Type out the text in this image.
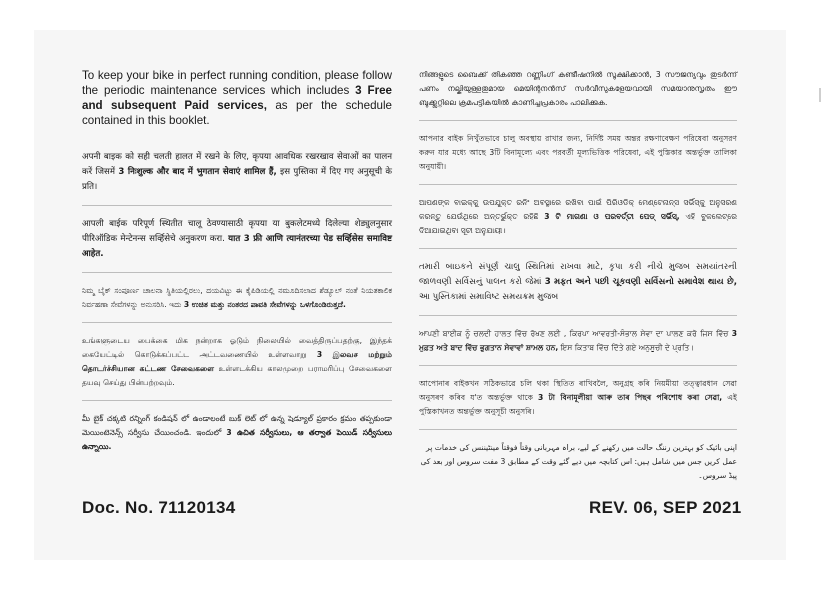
To keep your bike in perfect running condition, please follow the periodic maintenance services which includes 3 Free and subsequent Paid services, as per the schedule contained in this booklet.

अपनी बाइक को सही चलती हालत में रखने के लिए, कृपया आवधिक रखरखाव सेवाओं का पालन करें जिसमें 3 निःशुल्क और बाद में भुगतान सेवाएं शामिल हैं, इस पुस्तिका में दिए गए अनुसूची के प्रति।

आपली बाईक परिपूर्ण स्थितीत चालू ठेवण्यासाठी कृपया या बुकलेटमध्ये दिलेल्या शेड्युलनुसार पीरिऑडिक मेन्टेनन्स सर्व्हिसेचे अनुकरण करा. यात 3 फ्री आणि त्यानंतरच्या पेड सर्व्हिसेस समाविष्ट आहेत.

ನಿಮ್ಮ ಬೈಕ್ ಸಂಪೂರ್ಣ ಚಾಲನಾ ಸ್ಥಿತಿಯಲ್ಲಿರಲು, ದಯವಿಟ್ಟು ಈ ಕೈಪಿಡಿಯಲ್ಲಿ ನಮೂದಿಸಲಾದ ಶೆಡ್ಯೂಲ್ ನಂತೆ ನಿಯತಕಾಲಿಕ ನಿರ್ವಹಣಾ ಸೇವೆಗಳನ್ನು ಅನುಸರಿಸಿ. ಇದು 3 ಉಚಿತ ಮತ್ತು ನಂತರದ ಪಾವತಿ ಸೇವೆಗಳನ್ನು ಒಳಗೊಂಡಿರುತ್ತದೆ.

உங்களுடைய பைக்கை மிக நன்றாக ஓடும் நிலையில் வைத்திருப்பதற்கு, இந்தக் கையேட்டில் கொடுக்கப்பட்ட அட்டவணையில் உள்ளவாறு 3 இலவச மற்றும் தொடர்ச்சியான கட்டண சேவைகளை உள்ளடக்கிய காலமுறை பராமரிப்பு சேவைகளை தயவு செய்து பின்பற்றவும்.

మీ బైక్ చక్కటి రన్నింగ్ కండిషన్ లో ఉండాలంటే బుక్ లెట్ లో ఉన్న షెడ్యూల్ ప్రకారం క్రమం తప్పకుండా మెయింటెనెన్స్ సర్వీసు చేయించండి. ఇందులో 3 ఉచిత సర్వీసులు, ఆ తర్వాత పెయిడ్ సర్వీసులు ఉన్నాయి.

നിങ്ങളുടെ ബൈക്ക് തികഞ്ഞ റണ്ണിംഗ് കണ്ടീഷനിൽ സൂക്ഷിക്കാൻ, 3 സൗജന്യവും തുടർന്ന് പണം നല്കിയുള്ളതുമായ മെയിന്റനൻസ് സർവീസുകളേയവായി സമയാനുസൃതം ഈ ബുക്ക്ലറ്റിലെ ക്രമപട്ടികയിൽ കാണിച്ചപ്രകാരം പാലിക്കുക.

আপনার বাইক নিখুঁতভাবে চালু অবস্থায় রাখার জন্য, নির্দিষ্ট সময় অন্তর রক্ষণাবেক্ষণ পরিষেবা অনুসরণ করুন যার মধ্যে আছে 3টি বিনামূল্যে এবং পরবর্তী মূল্যভিত্তিক পরিষেবা, এই পুস্তিকার অন্তর্ভুক্ত তালিকা অনুযায়ী।

ଆପଣଙ୍କ ବାଇକ୍‌କୁ ଉପଯୁକ୍ତ ରନିଂ ଅବସ୍ଥାରେ ରଖିବା ପାଇଁ ପିରିଓଡିକ୍ ମେଣ୍ଟେନାନ୍ସ ସର୍ଭିସ୍‌କୁ ଅନୁସରଣ କରନ୍ତୁ ଯେଉଁଥିରେ ଅନ୍ତର୍ଭୁକ୍ତ ରହିଛି 3 ଟି ମାଗଣା ଓ ପରବର୍ତ୍ତୀ ପେଡ୍ ସର୍ଭିସ୍, ଏହି ବୁକଲେଟ୍‌ରେ ଦିଆଯାଇଥିବା ସୂଚୀ ଅନୁଯାୟୀ।

તમારી બાઇકને સંપૂર્ણ ચાલુ સ્થિતિમાં રાખવા માટે, કૃપા કરી નીચે મુજબ સમયાંતરની જાળવણી સર્વિસનું પાલન કરો જેમાં 3 મફત અને પછી ચૂકવણી સર્વિસનો સમાવેશ થાય છે, આ પુસ્તિકામાં સમાવિષ્ટ સમયક્રમ મુજબ

ਆਪਣੀ ਬਾਈਕ ਨੂੰ ਚਲਦੀ ਹਾਲਤ ਵਿੱਚ ਰੱਖਣ ਲਈ , ਕਿਰਪਾ ਆਵਰਤੀ-ਸੰਭਾਲ ਸੇਵਾ ਦਾ ਪਾਲਣ ਕਰੋ ਜਿਸ ਵਿੱਚ 3 ਮੁਫ਼ਤ ਅਤੇ ਬਾਦ ਵਿੱਚ ਭੁਗਤਾਨ ਸੇਵਾਵਾਂ ਸ਼ਾਮਲ ਹਨ, ਇਸ ਕਿਤਾਬ ਵਿੱਚ ਦਿੱਤੇ ਗਏ ਅਨੁਸੂਚੀ ਦੇ ਪ੍ਰਤਿ।

আপোনাৰ বাইকখন সঠিকভাৱে চলি থকা স্থিতিত ৰাখিবলৈ, অনুগ্ৰহ কৰি নিয়মীয়া তত্ত্বাৱধান সেৱা অনুসৰণ কৰিব য'ত অন্তৰ্ভুক্ত থাকে 3 টা বিনামূলীয়া আৰু তাৰ পিছৰ পৰিশোধ কৰা সেৱা, এই পুস্তিকাখনত অন্তৰ্ভুক্ত অনুসূচী অনুসৰি।

اپنی بائیک کو بہترین رننگ حالت میں رکھنے کے لیے، براہ مہربانی وقتاً فوقتاً مینٹیننس کی خدمات پر عمل کریں جس میں شامل ہیں: اس کتابچہ میں دیے گئے وقت کے مطابق 3 مفت سروس اور بعد کی پیڈ سروس۔

Doc. No. 71120134	REV. 06, SEP 2021
